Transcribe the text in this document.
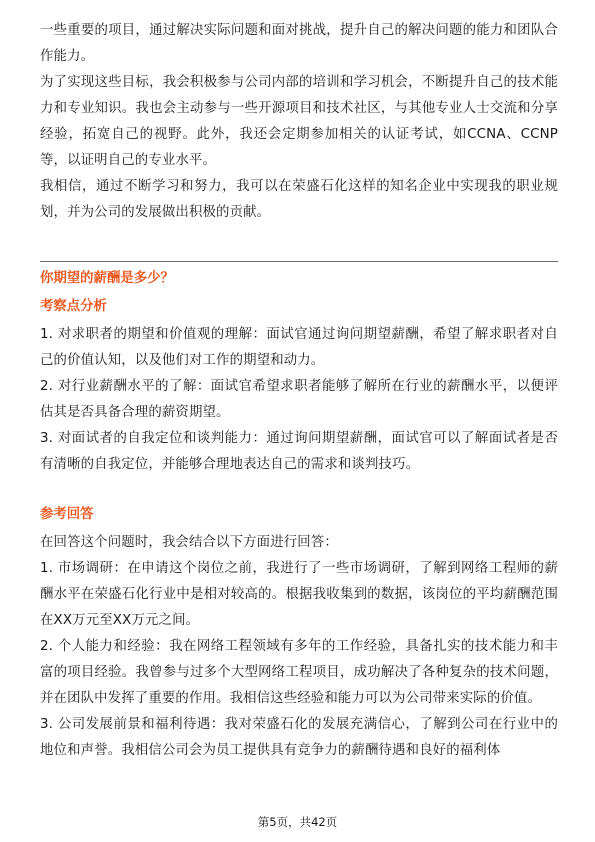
一些重要的项目，通过解决实际问题和面对挑战，提升自己的解决问题的能力和团队合作能力。

为了实现这些目标，我会积极参与公司内部的培训和学习机会，不断提升自己的技术能力和专业知识。我也会主动参与一些开源项目和技术社区，与其他专业人士交流和分享经验，拓宽自己的视野。此外，我还会定期参加相关的认证考试，如CCNA、CCNP等，以证明自己的专业水平。

我相信，通过不断学习和努力，我可以在荣盛石化这样的知名企业中实现我的职业规划，并为公司的发展做出积极的贡献。

你期望的薪酬是多少？

考察点分析

1. 对求职者的期望和价值观的理解：面试官通过询问期望薪酬，希望了解求职者对自己的价值认知，以及他们对工作的期望和动力。

2. 对行业薪酬水平的了解：面试官希望求职者能够了解所在行业的薪酬水平，以便评估其是否具备合理的薪资期望。

3. 对面试者的自我定位和谈判能力：通过询问期望薪酬，面试官可以了解面试者是否有清晰的自我定位，并能够合理地表达自己的需求和谈判技巧。

参考回答

在回答这个问题时，我会结合以下方面进行回答：

1. 市场调研：在申请这个岗位之前，我进行了一些市场调研，了解到网络工程师的薪酬水平在荣盛石化行业中是相对较高的。根据我收集到的数据，该岗位的平均薪酬范围在XX万元至XX万元之间。

2. 个人能力和经验：我在网络工程领域有多年的工作经验，具备扎实的技术能力和丰富的项目经验。我曾参与过多个大型网络工程项目，成功解决了各种复杂的技术问题，并在团队中发挥了重要的作用。我相信这些经验和能力可以为公司带来实际的价值。

3. 公司发展前景和福利待遇：我对荣盛石化的发展充满信心，了解到公司在行业中的地位和声誉。我相信公司会为员工提供具有竞争力的薪酬待遇和良好的福利体

第5页，共42页
